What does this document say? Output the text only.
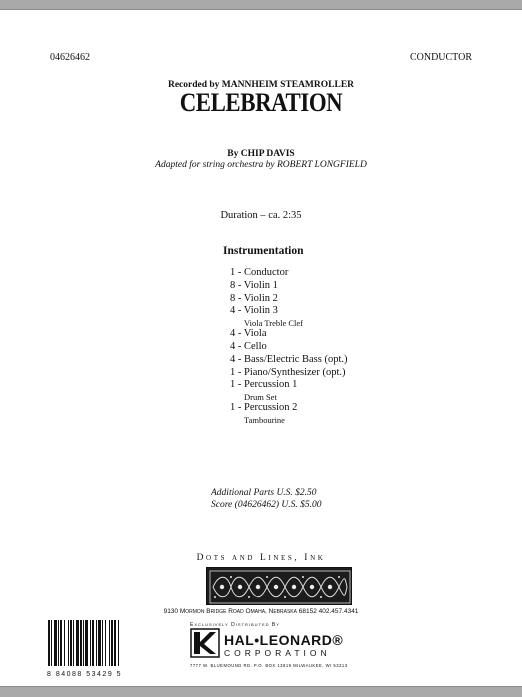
04626462	CONDUCTOR
Recorded by MANNHEIM STEAMROLLER
CELEBRATION
By CHIP DAVIS
Adapted for string orchestra by ROBERT LONGFIELD
Duration – ca. 2:35
Instrumentation
1 - Conductor
8 - Violin 1
8 - Violin 2
4 - Violin 3
Viola Treble Clef
4 - Viola
4 - Cello
4 - Bass/Electric Bass (opt.)
1 - Piano/Synthesizer (opt.)
1 - Percussion 1
Drum Set
1 - Percussion 2
Tambourine
Additional Parts U.S. $2.50
Score (04626462) U.S. $5.00
Dots and Lines, Ink
9130 Mormon Bridge Road Omaha, Nebraska 68152 402.457.4341
8 84088 53429 5
Exclusively Distributed By
HAL•LEONARD®
CORPORATION
7777 W. BLUEMOUND RD. P.O. BOX 13819 MILWAUKEE, WI 53213
